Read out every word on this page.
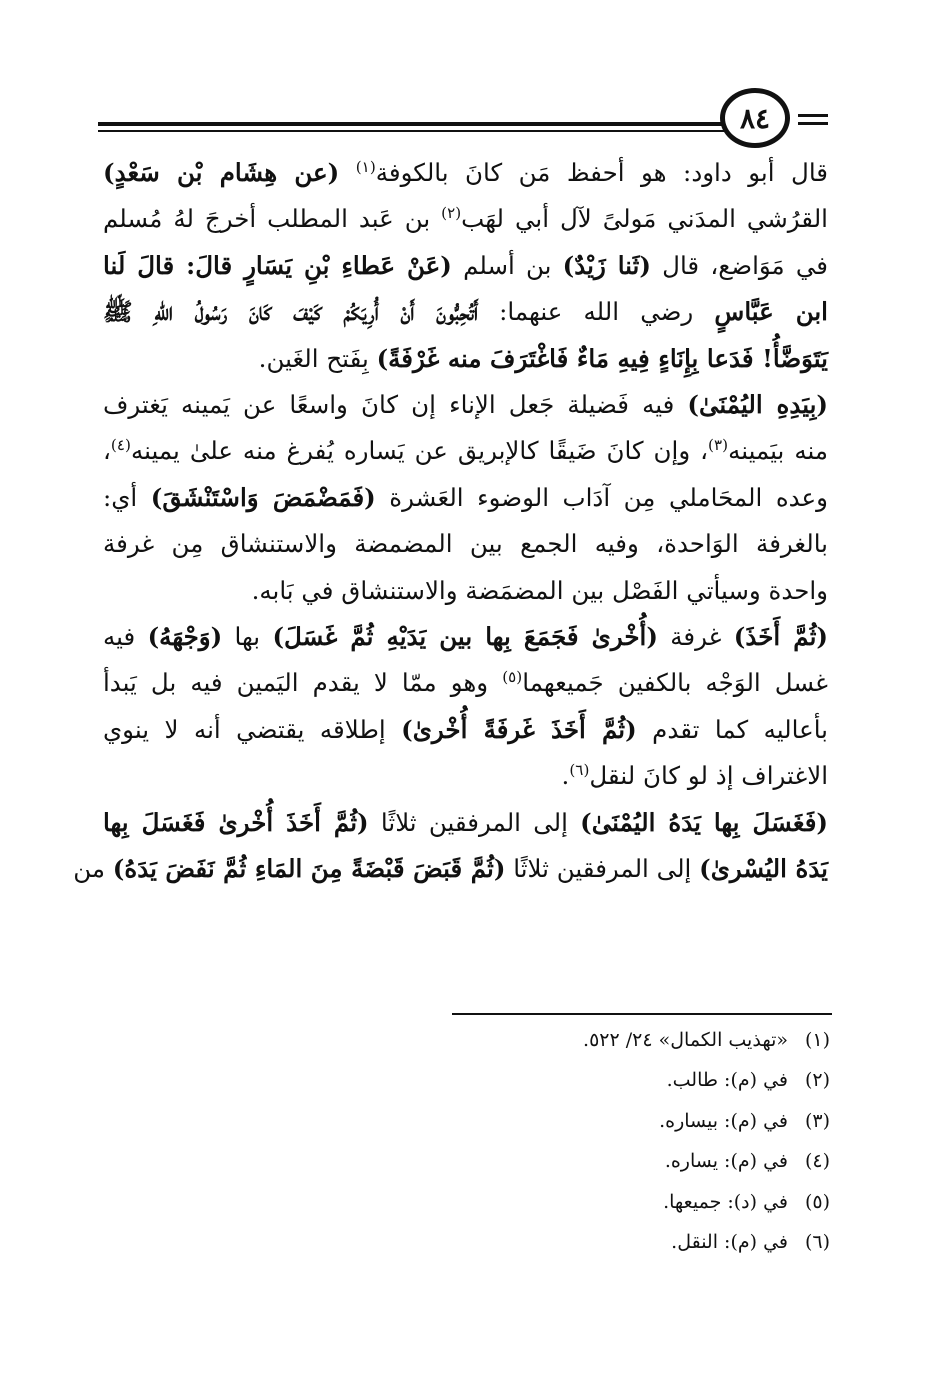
٨٤
قال أبو داود: هو أحفظ مَن كانَ بالكوفة$^{(١)}$ (عن هِشَام بْن سَعْدٍ)
القرُشي المدَني مَولىً لآل أبي لهَب$^{(٢)}$ بن عَبد المطلب أخرجَ لهُ مُسلم
في مَوَاضع، قال (ثَنا زَيْدٌ) بن أسلم (عَنْ عَطاءِ بْنِ يَسَارٍ قالَ: قالَ لَنا
ابن عَبَّاسٍ رضي الله عنهما: أَتُحِبُّونَ أَنْ أُرِيَكُمْ كَيْفَ كَانَ رَسُولُ اللهِ ﷺ
يَتَوَضَّأُ! فَدَعا بِإِنَاءٍ فِيهِ مَاءٌ فَاغْتَرَفَ منه غَرْفَةً) بِفَتح الغَين.
(بِيَدِهِ اليُمْنَىٰ) فيه فَضيلة جَعل الإناء إن كانَ واسعًا عن يَمينه يَغترف
منه بيَمينه$^{(٣)}$، وإن كانَ ضَيقًا كالإبريق عن يَساره يُفرغ منه علىٰ يمينه$^{(٤)}$،
وعده المحَاملي مِن آدَاب الوضوء العَشرة (فَمَضْمَضَ وَاسْتَنْشَقَ) أي:
بالغرفة الوَاحدة، وفيه الجمع بين المضمضة والاستنشاق مِن غرفة
واحدة وسيأتي الفَصْل بين المضمَضة والاستنشاق في بَابه.
(ثُمَّ أَخَذَ) غرفة (أُخْرىٰ فَجَمَعَ بِها بين يَدَيْهِ ثُمَّ غَسَلَ) بها (وَجْهَهُ) فيه
غسل الوَجْه بالكفين جَميعهما$^{(٥)}$ وهو ممّا لا يقدم اليَمين فيه بل يَبدأ
بأعاليه كما تقدم (ثُمَّ أَخَذَ غَرفَةً أُخْرىٰ) إطلاقه يقتضي أنه لا ينوي
الاغتراف إذ لو كانَ لنقل$^{(٦)}$.
(فَغَسَلَ بِها يَدَهُ اليُمْنَىٰ) إلى المرفقين ثلاثًا (ثُمَّ أَخَذَ أُخْرىٰ فَغَسَلَ بِها
يَدَهُ اليُسْرىٰ) إلى المرفقين ثلاثًا (ثُمَّ قَبَضَ قَبْضَةً مِنَ المَاءِ ثُمَّ نَفَضَ يَدَهُ) من
(١)«تهذيب الكمال» ٢٤/ ٥٢٢.
(٢)في (م): طالب.
(٣)في (م): بيساره.
(٤)في (م): يساره.
(٥)في (د): جميعها.
(٦)في (م): النقل.
